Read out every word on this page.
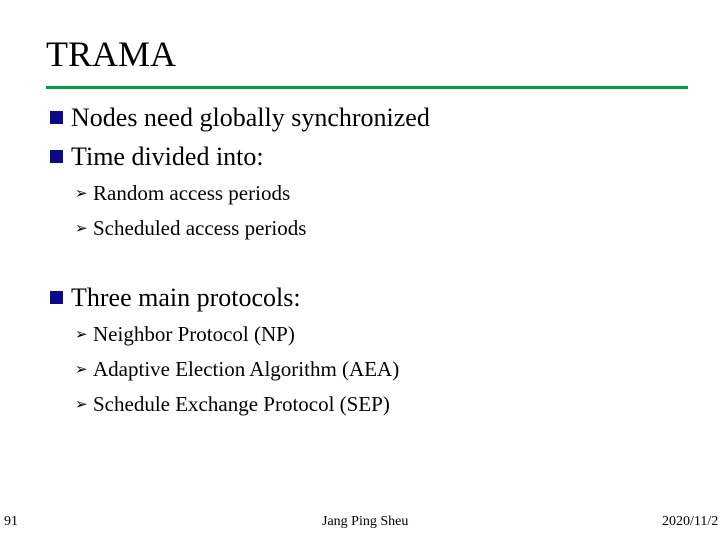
TRAMA
Nodes need globally synchronized
Time divided into:
➢ Random access periods
➢ Scheduled access periods
Three main protocols:
➢ Neighbor Protocol (NP)
➢ Adaptive Election Algorithm (AEA)
➢ Schedule Exchange Protocol (SEP)
91	Jang Ping Sheu	2020/11/2
